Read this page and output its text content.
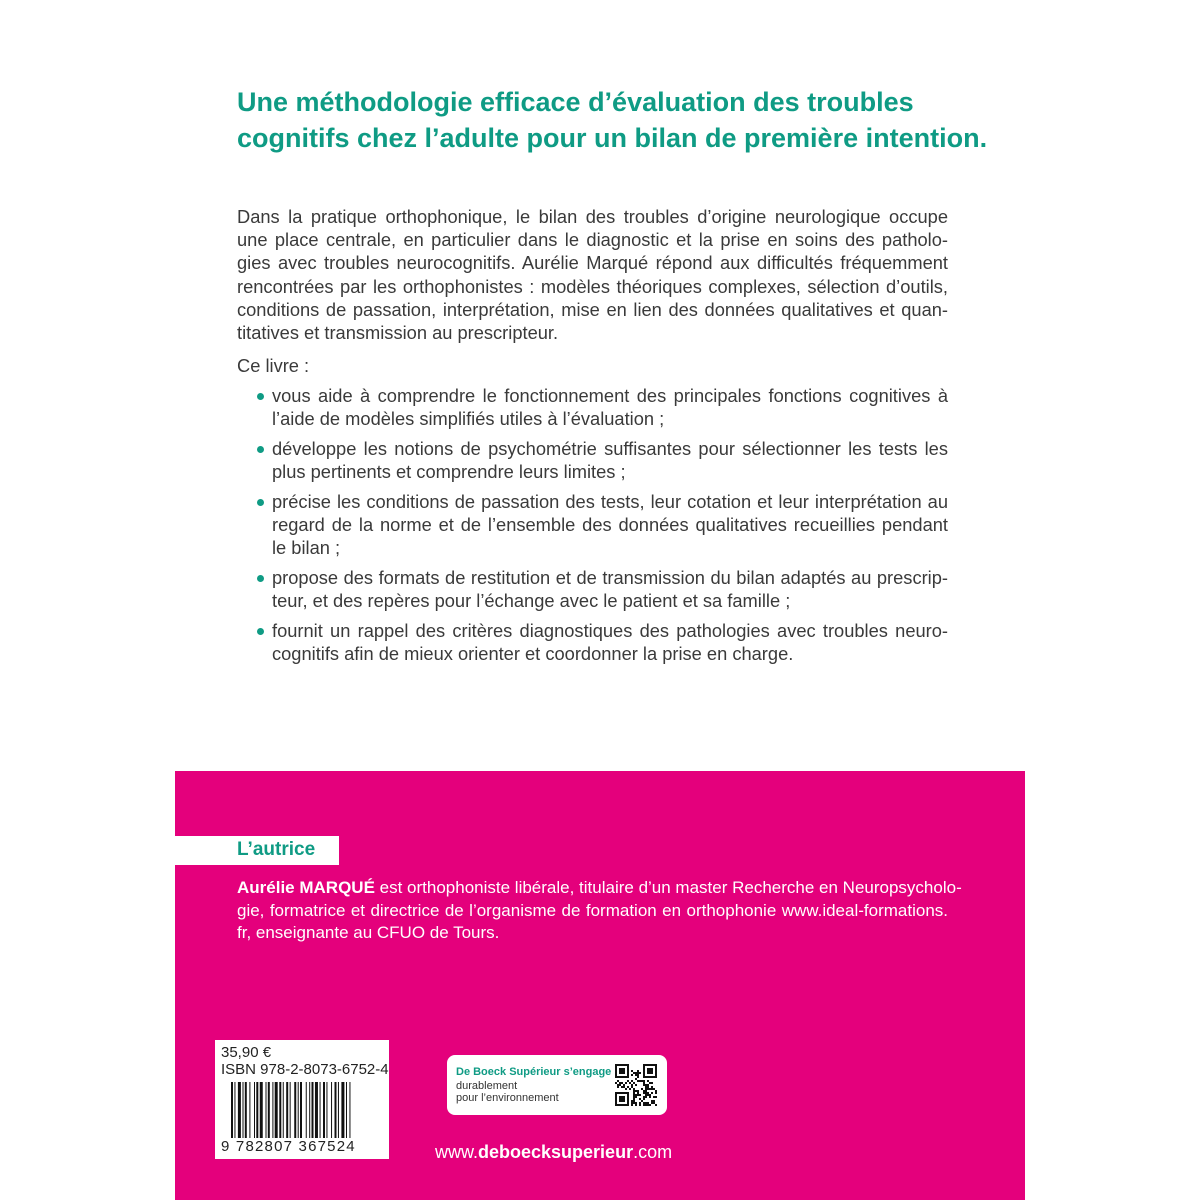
Une méthodologie efficace d’évaluation des troubles
cognitifs chez l’adulte pour un bilan de première intention.
Dans la pratique orthophonique, le bilan des troubles d’origine neurologique occupe
une place centrale, en particulier dans le diagnostic et la prise en soins des patholo-
gies avec troubles neurocognitifs. Aurélie Marqué répond aux difficultés fréquemment
rencontrées par les orthophonistes : modèles théoriques complexes, sélection d’outils,
conditions de passation, interprétation, mise en lien des données qualitatives et quan-
titatives et transmission au prescripteur.
Ce livre :
vous aide à comprendre le fonctionnement des principales fonctions cognitives à
l’aide de modèles simplifiés utiles à l’évaluation ;
développe les notions de psychométrie suffisantes pour sélectionner les tests les
plus pertinents et comprendre leurs limites ;
précise les conditions de passation des tests, leur cotation et leur interprétation au
regard de la norme et de l’ensemble des données qualitatives recueillies pendant
le bilan ;
propose des formats de restitution et de transmission du bilan adaptés au prescrip-
teur, et des repères pour l’échange avec le patient et sa famille ;
fournit un rappel des critères diagnostiques des pathologies avec troubles neuro-
cognitifs afin de mieux orienter et coordonner la prise en charge.
L’autrice
Aurélie MARQUÉ est orthophoniste libérale, titulaire d’un master Recherche en Neuropsycholo-
gie, formatrice et directrice de l’organisme de formation en orthophonie www.ideal-formations.
fr, enseignante au CFUO de Tours.
35,90 €
ISBN 978-2-8073-6752-4
9 782807 367524
De Boeck Supérieur s’engage
durablement
pour l’environnement
www.deboecksuperieur.com
